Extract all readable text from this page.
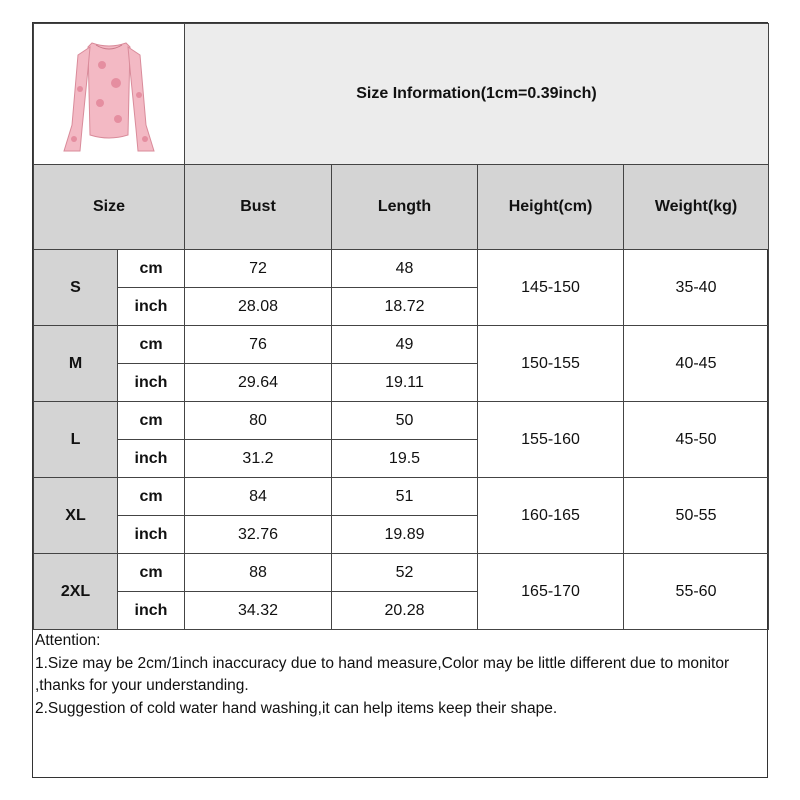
	Size Information(1cm=0.39inch)			
Size		Bust	Length	Height(cm)	Weight(kg)
S	cm	72	48	145-150	35-40
	inch	28.08	18.72		
M	cm	76	49	150-155	40-45
	inch	29.64	19.11		
L	cm	80	50	155-160	45-50
	inch	31.2	19.5		
XL	cm	84	51	160-165	50-55
	inch	32.76	19.89		
2XL	cm	88	52	165-170	55-60
	inch	34.32	20.28		
Attention:
1.Size may be 2cm/1inch inaccuracy due to hand measure,Color may be little different due to monitor ,thanks for your understanding.
2.Suggestion of cold water hand washing,it can help items keep their shape.
